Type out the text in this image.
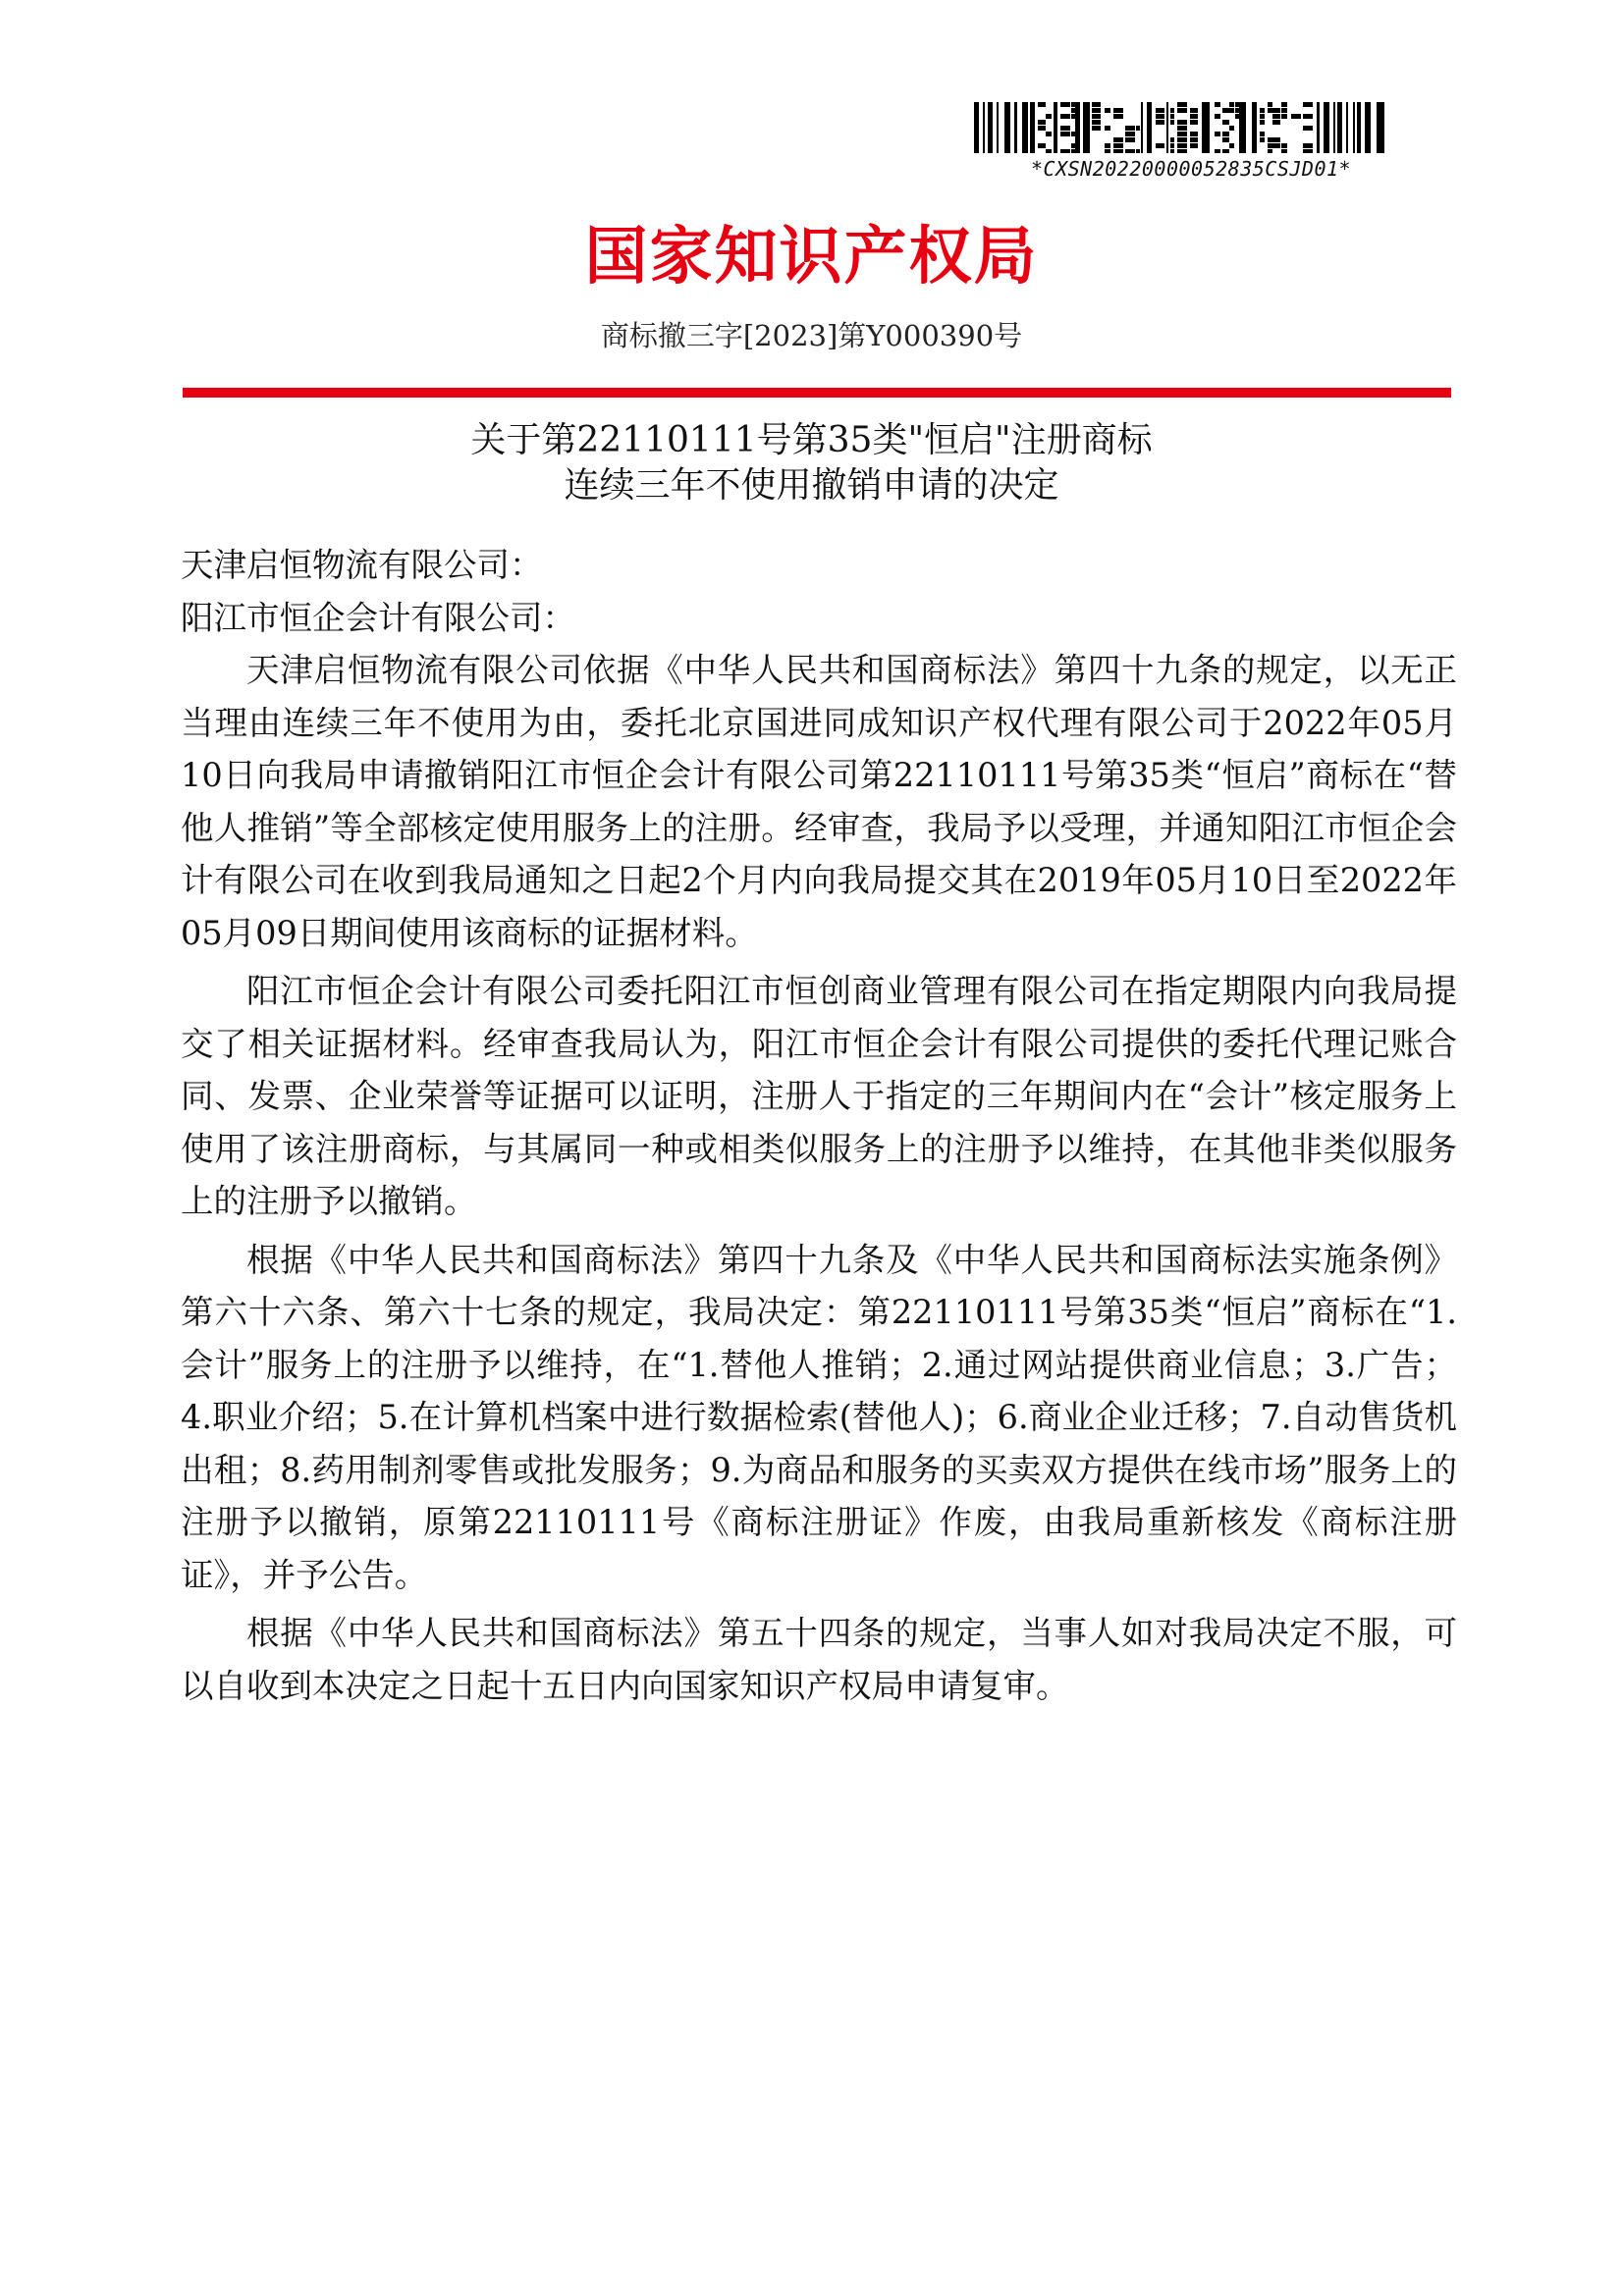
*CXSN20220000052835CSJD01*
国家知识产权局
商标撤三字[2023]第Y000390号
关于第22110111号第35类"恒启"注册商标
连续三年不使用撤销申请的决定

天津启恒物流有限公司：

阳江市恒企会计有限公司：

天津启恒物流有限公司依据《中华人民共和国商标法》第四十九条的规定，以无正当理由连续三年不使用为由，委托北京国进同成知识产权代理有限公司于2022年05月10日向我局申请撤销阳江市恒企会计有限公司第22110111号第35类“恒启”商标在“替他人推销”等全部核定使用服务上的注册。经审查，我局予以受理，并通知阳江市恒企会计有限公司在收到我局通知之日起2个月内向我局提交其在2019年05月10日至2022年05月09日期间使用该商标的证据材料。

阳江市恒企会计有限公司委托阳江市恒创商业管理有限公司在指定期限内向我局提交了相关证据材料。经审查我局认为，阳江市恒企会计有限公司提供的委托代理记账合同、发票、企业荣誉等证据可以证明，注册人于指定的三年期间内在“会计”核定服务上使用了该注册商标，与其属同一种或相类似服务上的注册予以维持，在其他非类似服务上的注册予以撤销。

根据《中华人民共和国商标法》第四十九条及《中华人民共和国商标法实施条例》第六十六条、第六十七条的规定，我局决定：第22110111号第35类“恒启”商标在“1.会计”服务上的注册予以维持，在“1.替他人推销；2.通过网站提供商业信息；3.广告；4.职业介绍；5.在计算机档案中进行数据检索(替他人)；6.商业企业迁移；7.自动售货机出租；8.药用制剂零售或批发服务；9.为商品和服务的买卖双方提供在线市场”服务上的注册予以撤销，原第22110111号《商标注册证》作废，由我局重新核发《商标注册证》，并予公告。

根据《中华人民共和国商标法》第五十四条的规定，当事人如对我局决定不服，可以自收到本决定之日起十五日内向国家知识产权局申请复审。
